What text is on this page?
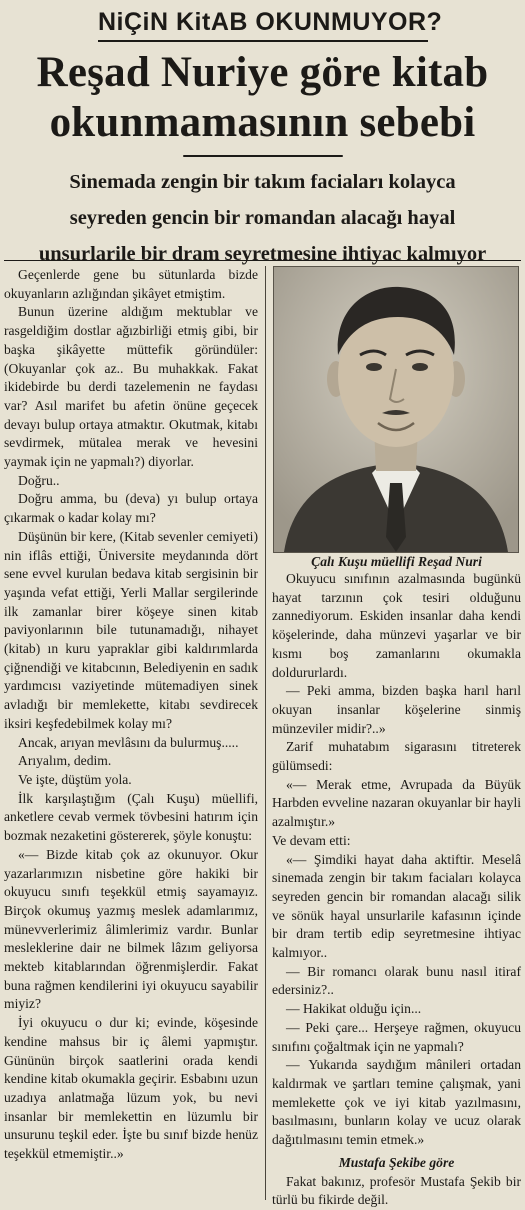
NiÇiN KitAB OKUNMUYOR?
Reşad Nuriye göre kitab
okunmamasının sebebi
Sinemada zengin bir takım faciaları kolayca
seyreden gencin bir romandan alacağı hayal
unsurlarile bir dram seyretmesine ihtiyac kalmıyor

Geçenlerde gene bu sütunlarda bizde okuyanların azlığından şikâyet etmiştim.

Bunun üzerine aldığım mektublar ve rasgeldiğim dostlar ağızbirliği etmiş gibi, bir başka şikâyette müttefik göründüler: (Okuyanlar çok az.. Bu muhakkak. Fakat ikidebirde bu derdi tazelemenin ne faydası var? Asıl marifet bu afetin önüne geçecek devayı bulup ortaya atmaktır. Okutmak, kitabı sevdirmek, mütalea merak ve hevesini yaymak için ne yapmalı?) diyorlar.

Doğru..

Doğru amma, bu (deva) yı bulup ortaya çıkarmak o kadar kolay mı?

Düşünün bir kere, (Kitab sevenler cemiyeti) nin iflâs ettiği, Üniversite meydanında dört sene evvel kurulan bedava kitab sergisinin bir yaşında vefat ettiği, Yerli Mallar sergilerinde ilk zamanlar birer köşeye sinen kitab paviyonlarının bile tutunamadığı, nihayet (kitab) ın kuru yapraklar gibi kaldırımlarda çiğnendiği ve kitabcının, Belediyenin en sadık yardımcısı vaziyetinde mütemadiyen sinek avladığı bir memlekette, kitabı sevdirecek iksiri keşfedebilmek kolay mı?

Ancak, arıyan mevlâsını da bulurmuş.....

Arıyalım, dedim.

Ve işte, düştüm yola.

İlk karşılaştığım (Çalı Kuşu) müellifi, anketlere cevab vermek tövbesini hatırım için bozmak nezaketini göstererek, şöyle konuştu:

«— Bizde kitab çok az okunuyor. Okur yazarlarımızın nisbetine göre hakiki bir okuyucu sınıfı teşekkül etmiş sayamayız. Birçok okumuş yazmış meslek adamlarımız, münevverlerimiz âlimlerimiz vardır. Bunlar mesleklerine dair ne bilmek lâzım geliyorsa mekteb kitablarından öğrenmişlerdir. Fakat buna rağmen kendilerini iyi okuyucu sayabilir miyiz?

İyi okuyucu o dur ki; evinde, köşesinde kendine mahsus bir iç âlemi yapmıştır. Gününün birçok saatlerini orada kendi kendine kitab okumakla geçirir. Esbabını uzun uzadıya anlatmağa lüzum yok, bu nevi insanlar bir memlekettin en lüzumlu bir unsurunu teşkil eder. İşte bu sınıf bizde henüz teşekkül etmemiştir..»

Çalı Kuşu müellifi Reşad Nuri

Okuyucu sınıfının azalmasında bugünkü hayat tarzının çok tesiri olduğunu zannediyorum. Eskiden insanlar daha kendi köşelerinde, daha münzevi yaşarlar ve bir kısmı boş zamanlarını okumakla doldururlardı.

— Peki amma, bizden başka harıl harıl okuyan insanlar köşelerine sinmiş münzeviler midir?..»

Zarif muhatabım sigarasını titreterek gülümsedi:

«— Merak etme, Avrupada da Büyük Harbden evveline nazaran okuyanlar bir hayli azalmıştır.»

Ve devam etti:

«— Şimdiki hayat daha aktiftir. Meselâ sinemada zengin bir takım faciaları kolayca seyreden gencin bir romandan alacağı silik ve sönük hayal unsurlarile kafasının içinde bir dram tertib edip seyretmesine ihtiyac kalmıyor..

— Bir romancı olarak bunu nasıl itiraf edersiniz?..

— Hakikat olduğu için...

— Peki çare... Herşeye rağmen, okuyucu sınıfını çoğaltmak için ne yapmalı?

— Yukarıda saydığım mânileri ortadan kaldırmak ve şartları temine çalışmak, yani memlekette çok ve iyi kitab yazılmasını, basılmasını, bunların kolay ve ucuz olarak dağıtılmasını temin etmek.»

Mustafa Şekibe göre

Fakat bakınız, profesör Mustafa Şekib bir türlü bu fikirde değil.
